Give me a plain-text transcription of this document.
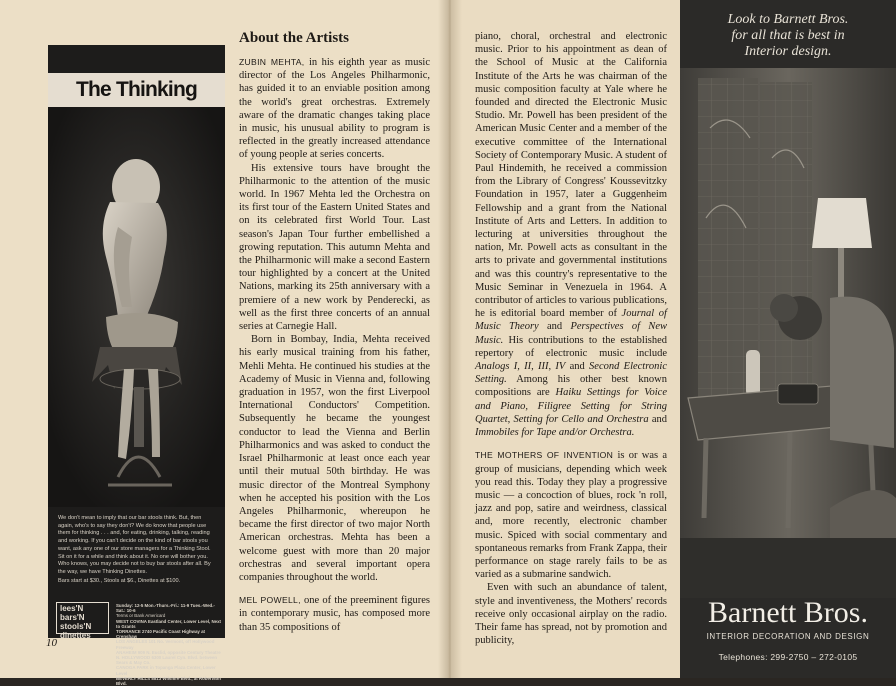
The Thinking

We don't mean to imply that our bar stools think. But, then again, who's to say they don't? We do know that people use them for thinking . . . and, for eating, drinking, talking, reading and working. If you can't decide on the kind of bar stools you want, ask any one of our store managers for a Thinking Stool. Sit on it for a while and think about it. No one will bother you. Who knows, you may decide not to buy bar stools after all. By the way, we have Thinking Dinettes.

Bars start at $30., Stools at $6., Dinettes at $100.

lees'N
bars'N
stools'N
dinettes
Sunday: 12-5 Mon.-Thurs.-Fri.: 11-9 Tues.-Wed.-Sat.: 10-6
Terms or Bank Americard
WEST COVINA Eastland Center, Lower Level, Next to Grants
TORRANCE 2740 Pacific Coast Highway at Crenshaw
LOS ANGELES 101 No. Vermont, off Hollywood Freeway
ANAHEIM 909 N. Euclid, opposite Century Theatre
N. HOLLYWOOD 6300 Laurel Cyn. Blvd. between Sears & May Co.
CANOGA PARK in Topanga Plaza Center, Lower Level
BEVERLY HILLS 8813 Wilshire Blvd., at Robertson Blvd.
About the Artists

ZUBIN MEHTA, in his eighth year as music director of the Los Angeles Philharmonic, has guided it to an enviable position among the world's great orchestras. Extremely aware of the dramatic changes taking place in music, his unusual ability to program is reflected in the greatly increased attendance of young people at series concerts.

His extensive tours have brought the Philharmonic to the attention of the music world. In 1967 Mehta led the Orchestra on its first tour of the Eastern United States and on its celebrated first World Tour. Last season's Japan Tour further embellished a growing reputation. This autumn Mehta and the Philharmonic will make a second Eastern tour highlighted by a concert at the United Nations, marking its 25th anniversary with a premiere of a new work by Penderecki, as well as the first three concerts of an annual series at Carnegie Hall.

Born in Bombay, India, Mehta received his early musical training from his father, Mehli Mehta. He continued his studies at the Academy of Music in Vienna and, following graduation in 1957, won the first Liverpool International Conductors' Competition. Subsequently he became the youngest conductor to lead the Vienna and Berlin Philharmonics and was asked to conduct the Israel Philharmonic at least once each year until their mutual 50th birthday. He was music director of the Montreal Symphony when he accepted his position with the Los Angeles Philharmonic, whereupon he became the first director of two major North American orchestras. Mehta has been a welcome guest with more than 20 major orchestras and several important opera companies throughout the world.

MEL POWELL, one of the preeminent figures in contemporary music, has composed more than 35 compositions of

10

piano, choral, orchestral and electronic music. Prior to his appointment as dean of the School of Music at the California Institute of the Arts he was chairman of the music composition faculty at Yale where he founded and directed the Electronic Music Studio. Mr. Powell has been president of the American Music Center and a member of the executive committee of the International Society of Contemporary Music. A student of Paul Hindemith, he received a commission from the Library of Congress' Koussevitzky Foundation in 1957, later a Guggenheim Fellowship and a grant from the National Institute of Arts and Letters. In addition to lecturing at universities throughout the nation, Mr. Powell acts as consultant in the arts to private and governmental institutions and was this country's representative to the Music Seminar in Venezuela in 1964. A contributor of articles to various publications, he is editorial board member of Journal of Music Theory and Perspectives of New Music. His contributions to the established repertory of electronic music include Analogs I, II, III, IV and Second Electronic Setting. Among his other best known compositions are Haiku Settings for Voice and Piano, Filigree Setting for String Quartet, Setting for Cello and Orchestra and Immobiles for Tape and/or Orchestra.

THE MOTHERS OF INVENTION is or was a group of musicians, depending which week you read this. Today they play a progressive music — a concoction of blues, rock 'n roll, jazz and pop, satire and weirdness, classical and, more recently, electronic chamber music. Spiced with social commentary and spontaneous remarks from Frank Zappa, their performance on stage rarely fails to be as varied as a submarine sandwich.

Even with such an abundance of talent, style and inventiveness, the Mothers' records receive only occasional airplay on the radio. Their fame has spread, not by promotion and publicity,

Look to Barnett Bros.
for all that is best in
Interior design.
Barnett Bros.
INTERIOR DECORATION AND DESIGN
Telephones: 299-2750 – 272-0105
